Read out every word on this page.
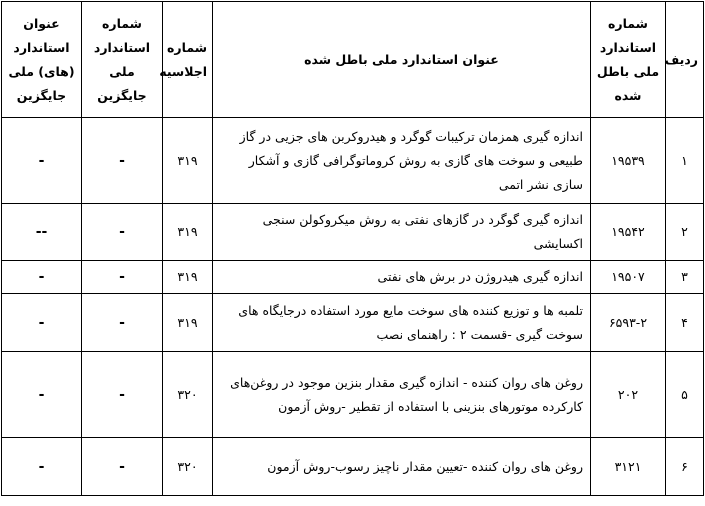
ردیف	شماره استاندارد ملی باطل شده	عنوان استاندارد ملی باطل شده	شماره اجلاسیه	شماره استاندارد ملی جایگزین	عنوان استاندارد (های) ملی جایگزین
۱	۱۹۵۳۹	اندازه گیری همزمان ترکیبات گوگرد و هیدروکربن های جزیی در گاز طبیعی و سوخت های گازی به روش کروماتوگرافی گازی و آشکار سازی نشر اتمی	۳۱۹	-	-
۲	۱۹۵۴۲	اندازه گیری گوگرد در گازهای نفتی به روش میکروکولن سنجی اکسایشی	۳۱۹	-	--
۳	۱۹۵۰۷	اندازه گیری هیدروژن در برش های نفتی	۳۱۹	-	-
۴	۶۵۹۳-۲	تلمبه ها و توزیع کننده های سوخت مایع مورد استفاده درجایگاه های سوخت گیری -قسمت ۲ : راهنمای نصب	۳۱۹	-	-
۵	۲۰۲	روغن های روان کننده - اندازه گیری مقدار بنزین موجود در روغن‌های کارکرده موتورهای بنزینی با استفاده از تقطیر -روش آزمون	۳۲۰	-	-
۶	۳۱۲۱	روغن های روان کننده -تعیین مقدار ناچیز رسوب-روش آزمون	۳۲۰	-	-
